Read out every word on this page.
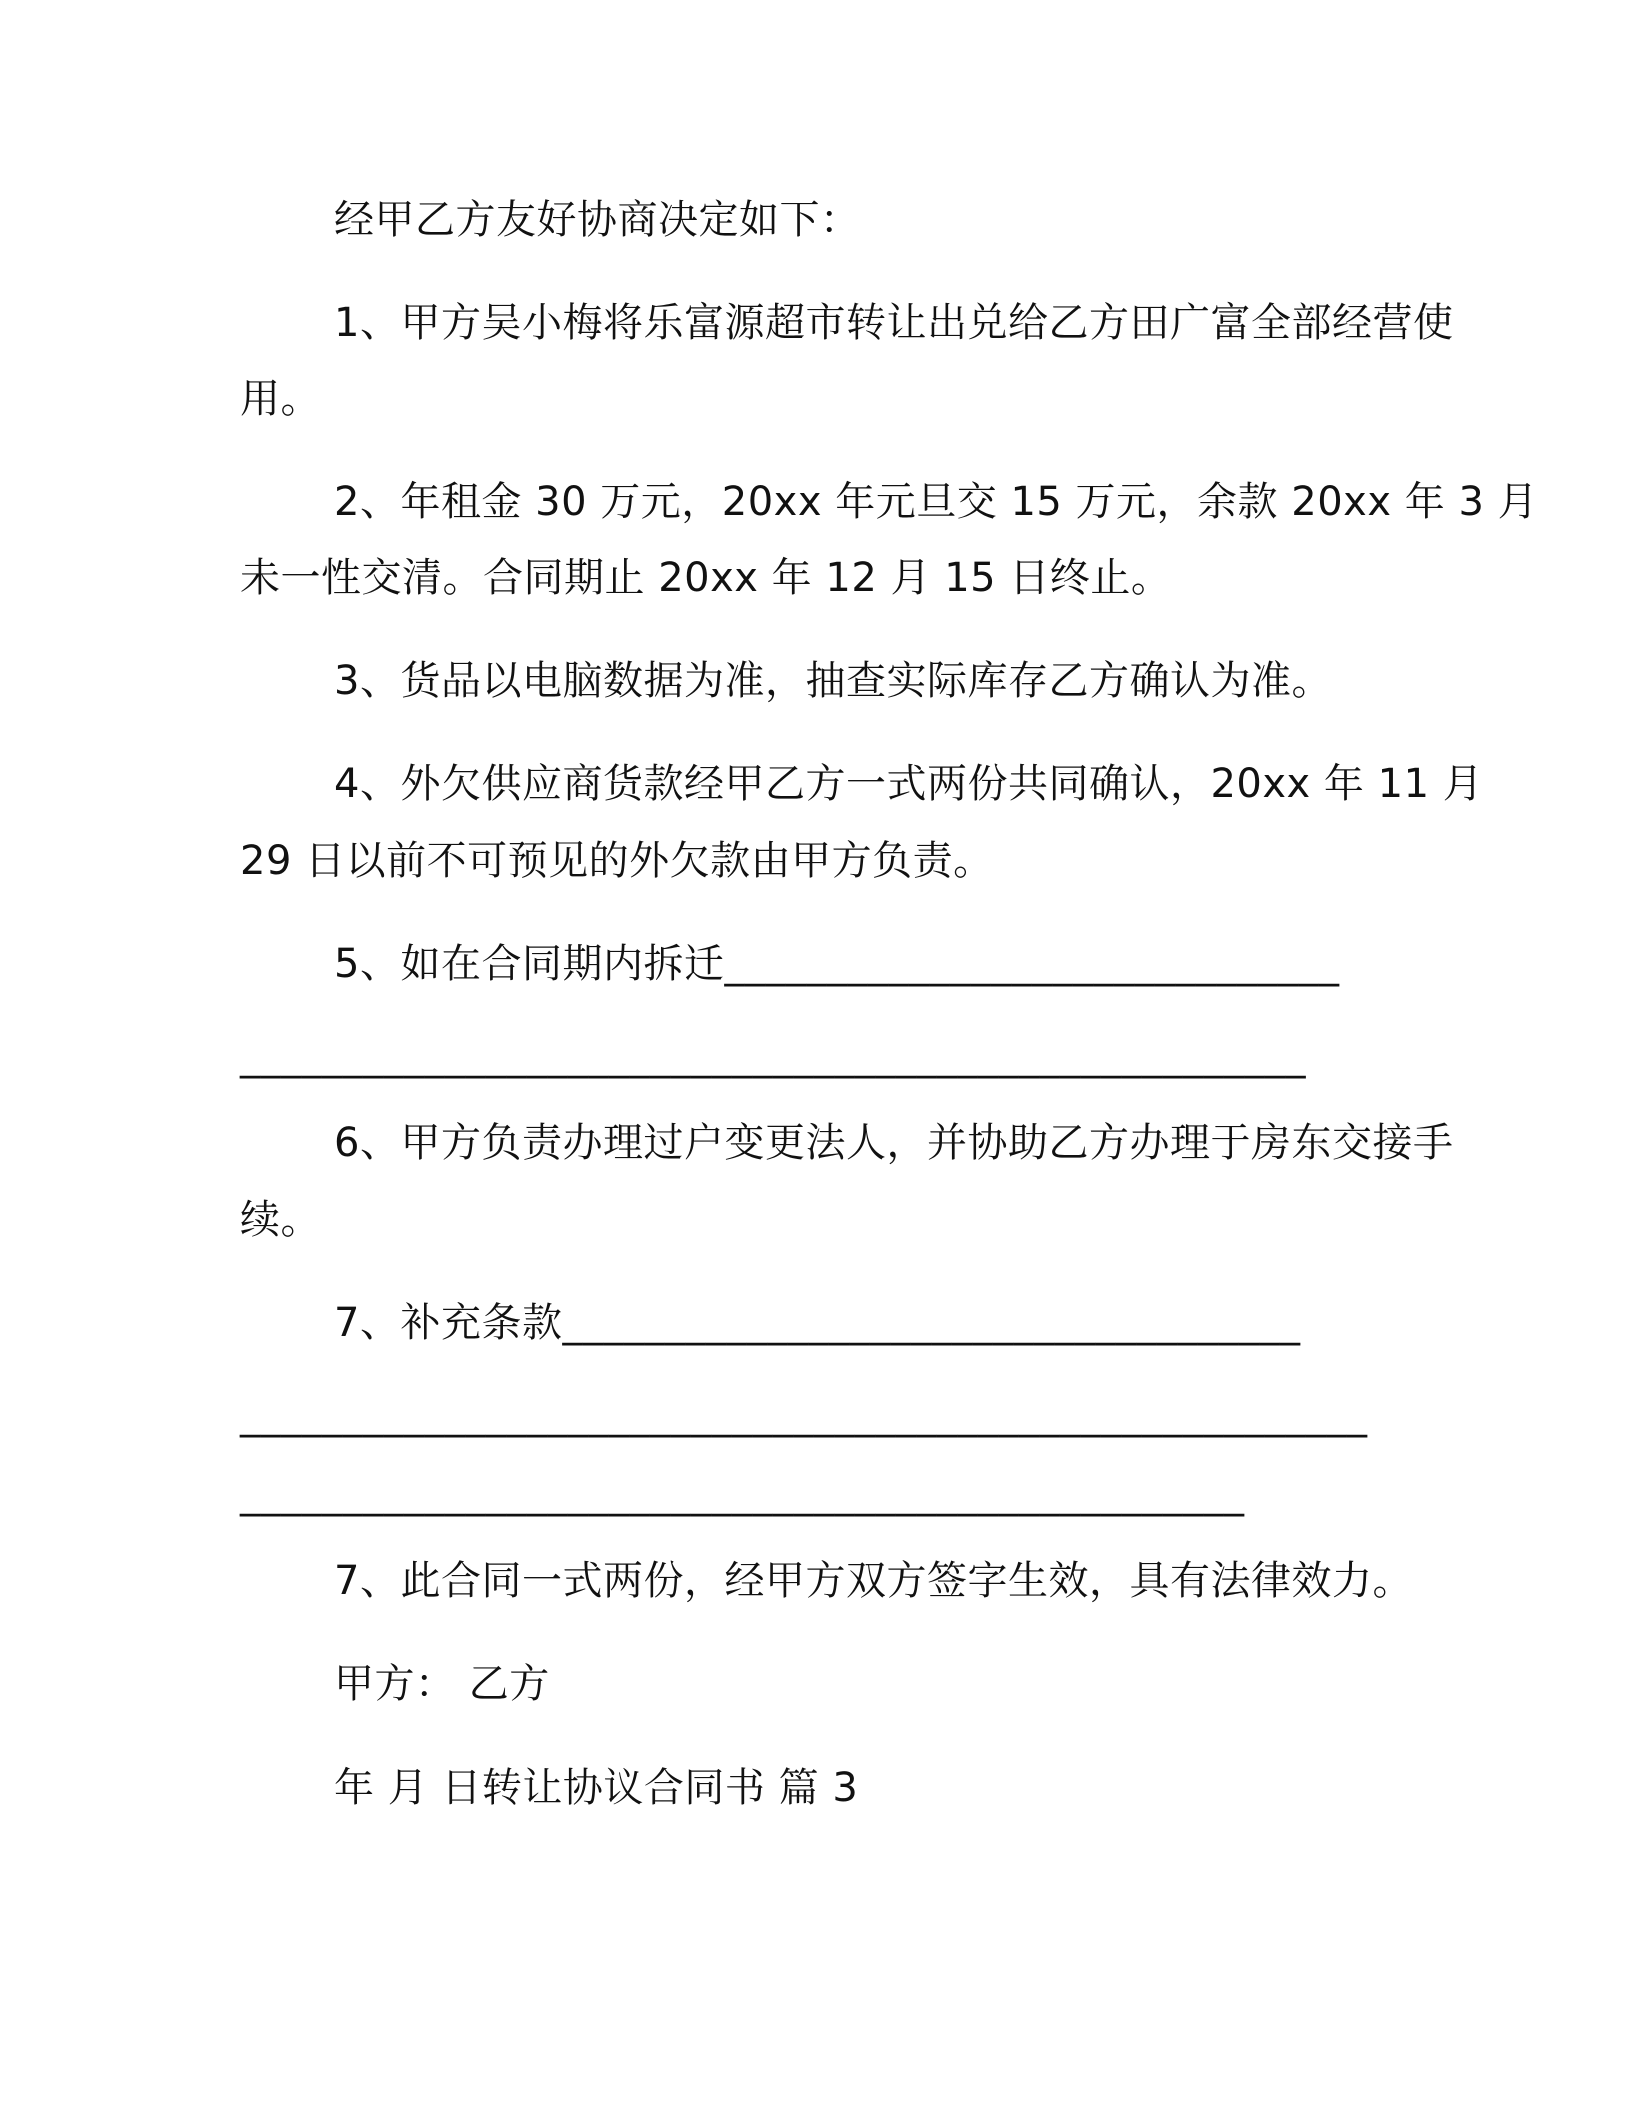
经甲乙方友好协商决定如下：
1、甲方吴小梅将乐富源超市转让出兑给乙方田广富全部经营使
用。
2、年租金 30 万元，20xx 年元旦交 15 万元，余款 20xx 年 3 月
未一性交清。合同期止 20xx 年 12 月 15 日终止。
3、货品以电脑数据为准，抽查实际库存乙方确认为准。
4、外欠供应商货款经甲乙方一式两份共同确认，20xx 年 11 月
29 日以前不可预见的外欠款由甲方负责。
5、如在合同期内拆迁______________________________
____________________________________________________
6、甲方负责办理过户变更法人，并协助乙方办理于房东交接手
续。
7、补充条款____________________________________
_______________________________________________________
_________________________________________________
7、此合同一式两份，经甲方双方签字生效，具有法律效力。
甲方： 乙方
年 月 日转让协议合同书 篇 3
